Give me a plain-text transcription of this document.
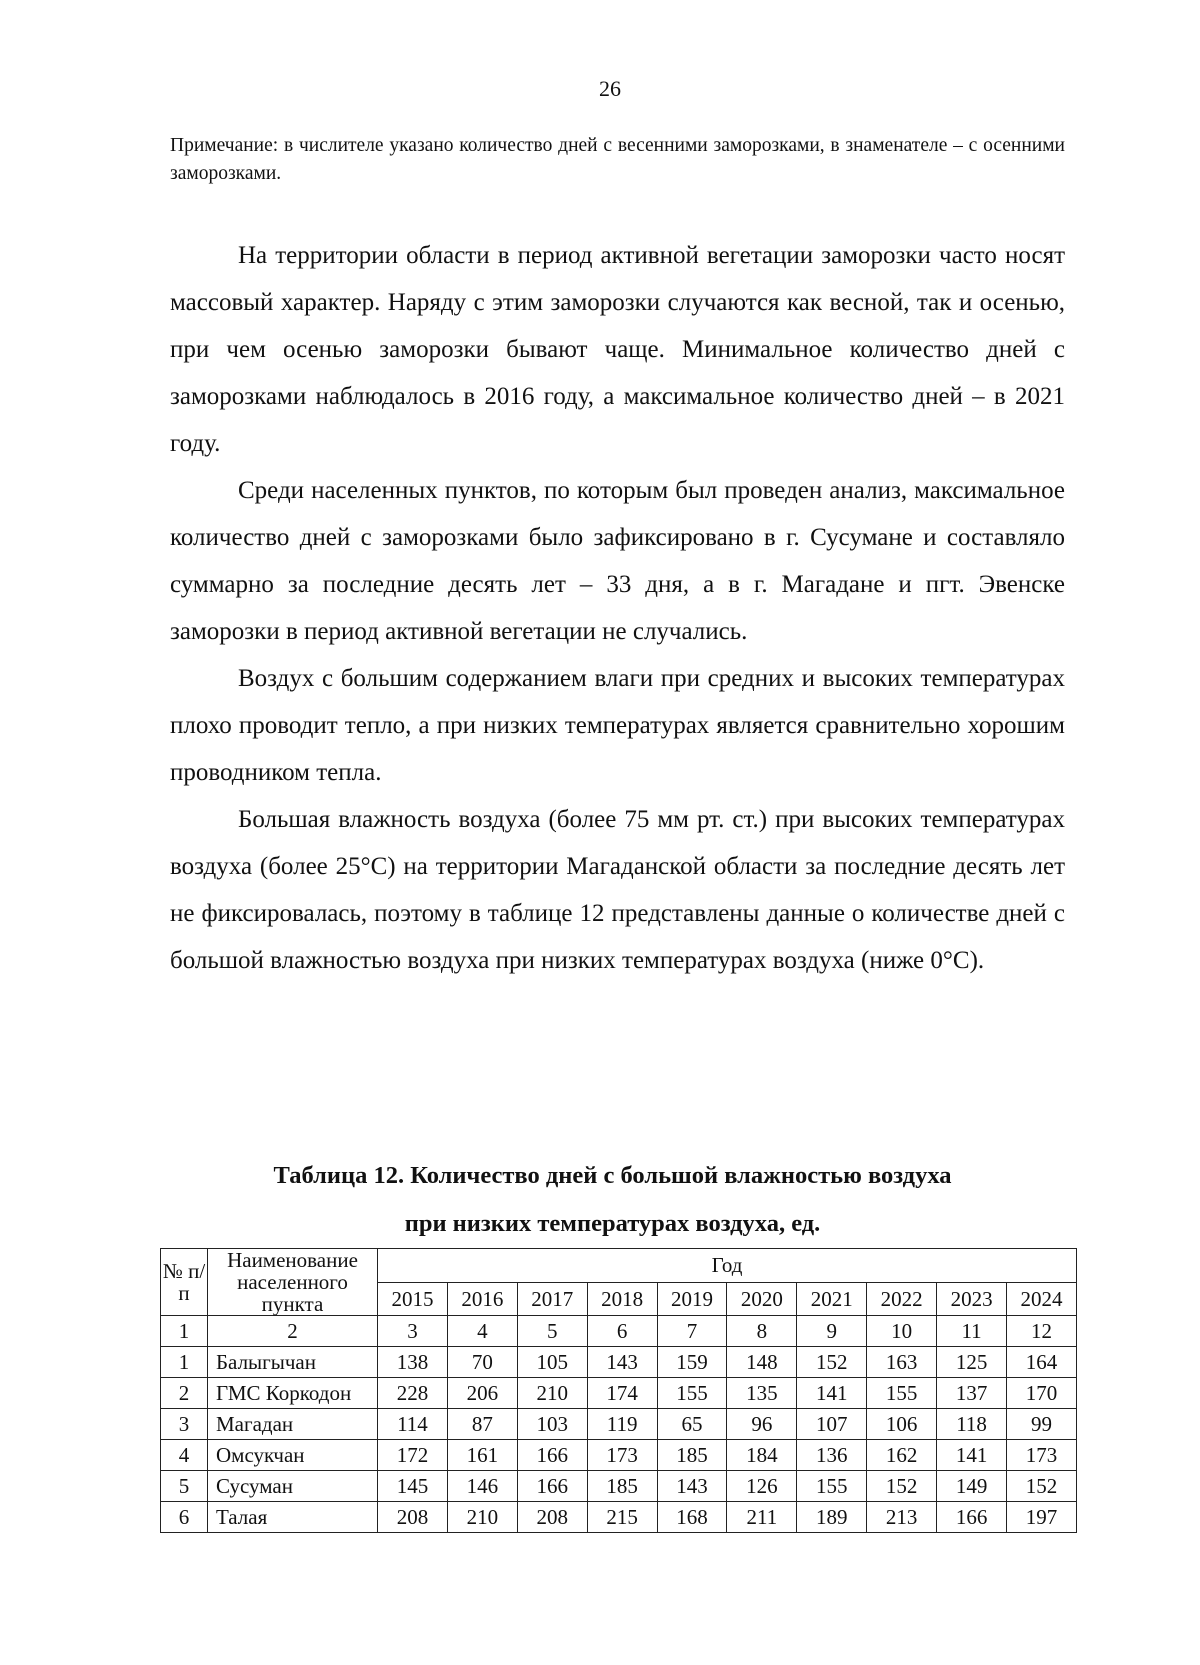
26
Примечание: в числителе указано количество дней с весенними заморозками, в знаменателе – с осенними заморозками.

На территории области в период активной вегетации заморозки часто носят массовый характер. Наряду с этим заморозки случаются как весной, так и осенью, при чем осенью заморозки бывают чаще. Минимальное количество дней с заморозками наблюдалось в 2016 году, а максимальное количество дней – в 2021 году.

Среди населенных пунктов, по которым был проведен анализ, максимальное количество дней с заморозками было зафиксировано в г. Сусумане и составляло суммарно за последние десять лет – 33 дня, а в г. Магадане и пгт. Эвенске заморозки в период активной вегетации не случались.

Воздух с большим содержанием влаги при средних и высоких температурах плохо проводит тепло, а при низких температурах является сравнительно хорошим проводником тепла.

Большая влажность воздуха (более 75 мм рт. ст.) при высоких температурах воздуха (более 25°С) на территории Магаданской области за последние десять лет не фиксировалась, поэтому в таблице 12 представлены данные о количестве дней с большой влажностью воздуха при низких температурах воздуха (ниже 0°С).

Таблица 12. Количество дней с большой влажностью воздуха
при низких температурах воздуха, ед.
№ п/п	Наименование населенного пункта	Год									
		2015	2016	2017	2018	2019	2020	2021	2022	2023	2024
1	2	3	4	5	6	7	8	9	10	11	12
1	Балыгычан	138	70	105	143	159	148	152	163	125	164
2	ГМС Коркодон	228	206	210	174	155	135	141	155	137	170
3	Магадан	114	87	103	119	65	96	107	106	118	99
4	Омсукчан	172	161	166	173	185	184	136	162	141	173
5	Сусуман	145	146	166	185	143	126	155	152	149	152
6	Талая	208	210	208	215	168	211	189	213	166	197
